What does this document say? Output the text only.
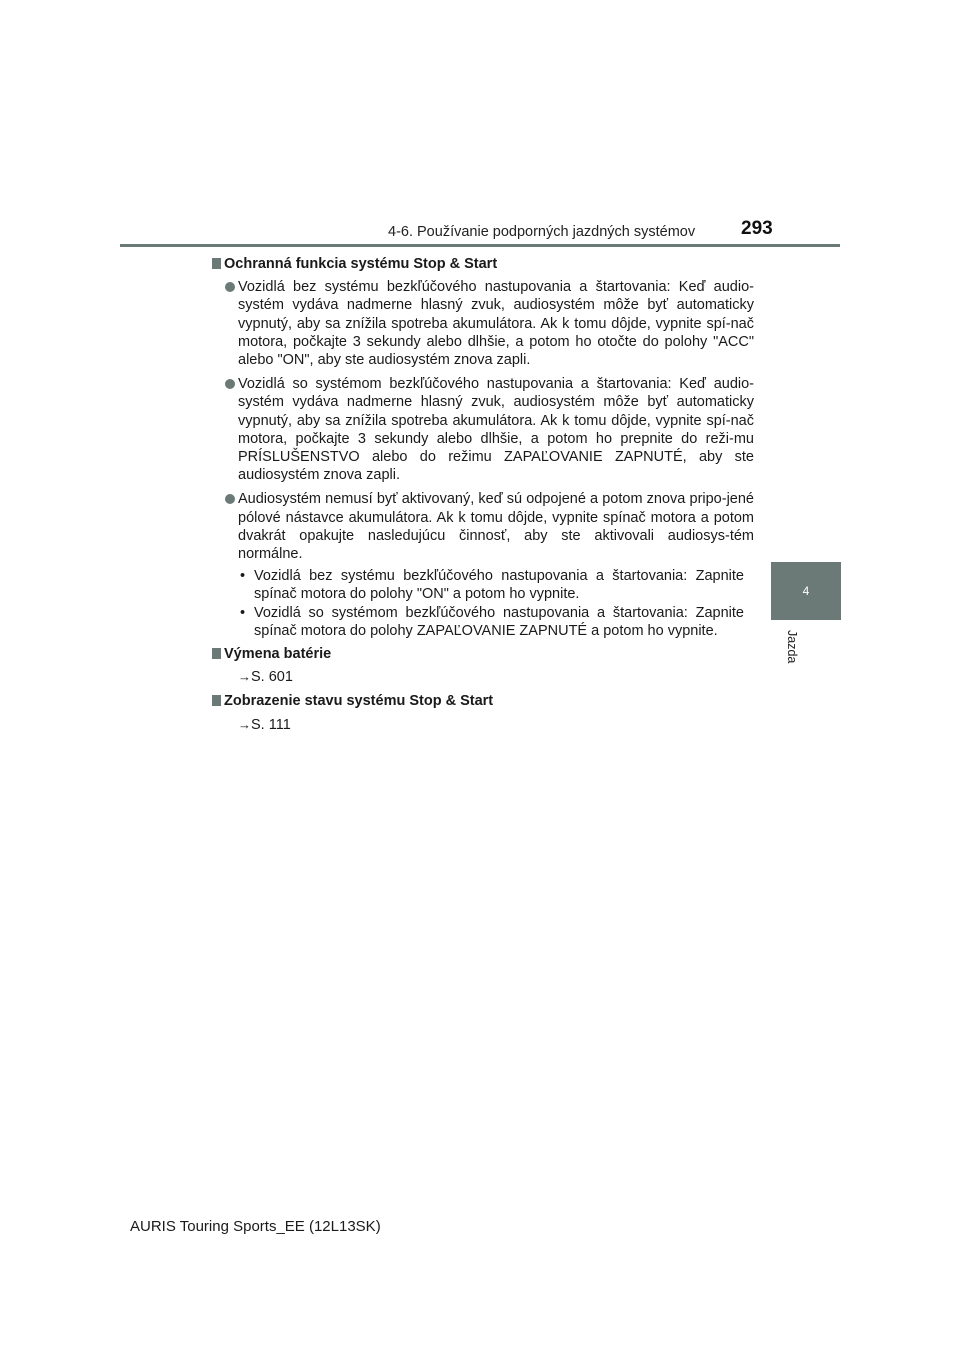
4-6. Používanie podporných jazdných systémov 293
4
Jazda
Ochranná funkcia systému Stop & Start
Vozidlá bez systému bezkľúčového nastupovania a štartovania: Keď audio-systém vydáva nadmerne hlasný zvuk, audiosystém môže byť automaticky vypnutý, aby sa znížila spotreba akumulátora. Ak k tomu dôjde, vypnite spí-nač motora, počkajte 3 sekundy alebo dlhšie, a potom ho otočte do polohy "ACC" alebo "ON", aby ste audiosystém znova zapli.
Vozidlá so systémom bezkľúčového nastupovania a štartovania: Keď audio-systém vydáva nadmerne hlasný zvuk, audiosystém môže byť automaticky vypnutý, aby sa znížila spotreba akumulátora. Ak k tomu dôjde, vypnite spí-nač motora, počkajte 3 sekundy alebo dlhšie, a potom ho prepnite do reži-mu PRÍSLUŠENSTVO alebo do režimu ZAPAĽOVANIE ZAPNUTÉ, aby ste audiosystém znova zapli.
Audiosystém nemusí byť aktivovaný, keď sú odpojené a potom znova pripo-jené pólové nástavce akumulátora. Ak k tomu dôjde, vypnite spínač motora a potom dvakrát opakujte nasledujúcu činnosť, aby ste aktivovali audiosys-tém normálne.
• Vozidlá bez systému bezkľúčového nastupovania a štartovania: Zapnite spínač motora do polohy "ON" a potom ho vypnite.
• Vozidlá so systémom bezkľúčového nastupovania a štartovania: Zapnite spínač motora do polohy ZAPAĽOVANIE ZAPNUTÉ a potom ho vypnite.
Výmena batérie
→S. 601
Zobrazenie stavu systému Stop & Start
→S. 111
AURIS Touring Sports_EE (12L13SK)
